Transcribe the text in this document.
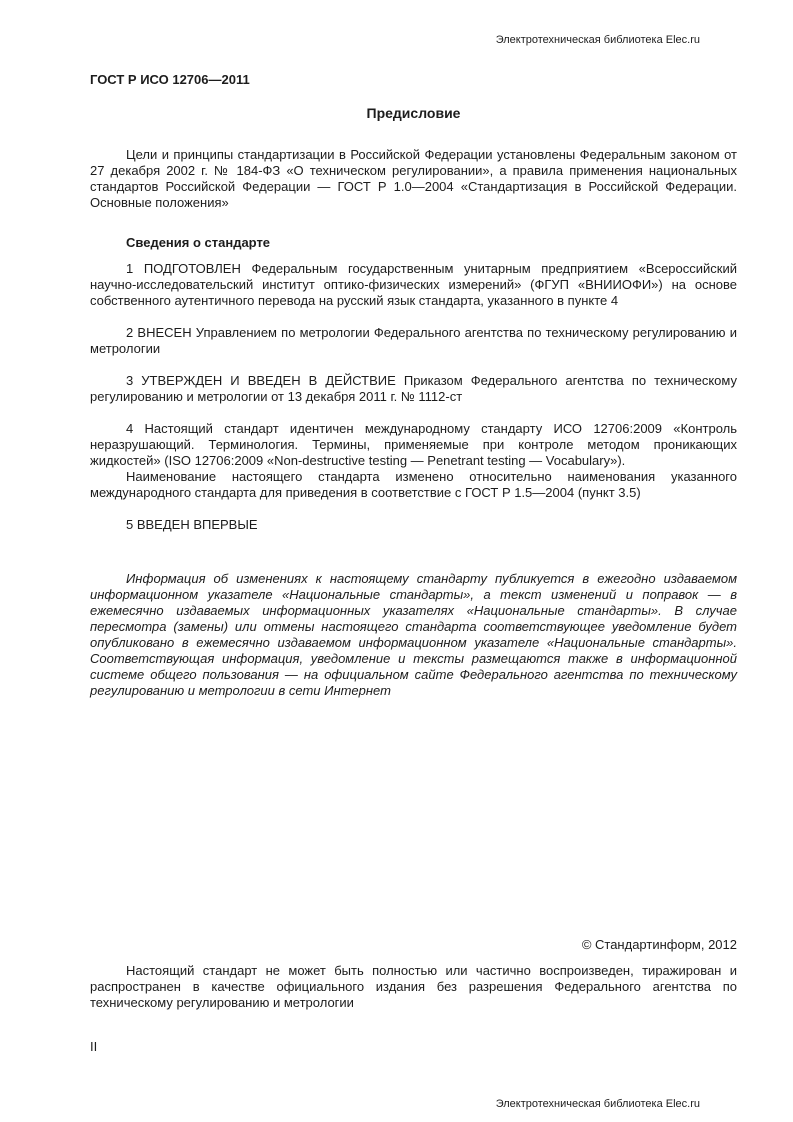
Электротехническая библиотека Elec.ru
ГОСТ Р ИСО 12706—2011
Предисловие

Цели и принципы стандартизации в Российской Федерации установлены Федеральным законом от 27 декабря 2002 г. № 184-ФЗ «О техническом регулировании», а правила применения национальных стандартов Российской Федерации — ГОСТ Р 1.0—2004 «Стандартизация в Российской Федерации. Основные положения»

Сведения о стандарте

1 ПОДГОТОВЛЕН Федеральным государственным унитарным предприятием «Всероссийский научно-исследовательский институт оптико-физических измерений» (ФГУП «ВНИИОФИ») на основе собственного аутентичного перевода на русский язык стандарта, указанного в пункте 4

2 ВНЕСЕН Управлением по метрологии Федерального агентства по техническому регулированию и метрологии

3 УТВЕРЖДЕН И ВВЕДЕН В ДЕЙСТВИЕ Приказом Федерального агентства по техническому регулированию и метрологии от 13 декабря 2011 г. № 1112-ст

4 Настоящий стандарт идентичен международному стандарту ИСО 12706:2009 «Контроль неразрушающий. Терминология. Термины, применяемые при контроле методом проникающих жидкостей» (ISO 12706:2009 «Non-destructive testing — Penetrant testing — Vocabulary»).

Наименование настоящего стандарта изменено относительно наименования указанного международного стандарта для приведения в соответствие с ГОСТ Р 1.5—2004 (пункт 3.5)

5 ВВЕДЕН ВПЕРВЫЕ

Информация об изменениях к настоящему стандарту публикуется в ежегодно издаваемом информационном указателе «Национальные стандарты», а текст изменений и поправок — в ежемесячно издаваемых информационных указателях «Национальные стандарты». В случае пересмотра (замены) или отмены настоящего стандарта соответствующее уведомление будет опубликовано в ежемесячно издаваемом информационном указателе «Национальные стандарты». Соответствующая информация, уведомление и тексты размещаются также в информационной системе общего пользования — на официальном сайте Федерального агентства по техническому регулированию и метрологии в сети Интернет

© Стандартинформ, 2012

Настоящий стандарт не может быть полностью или частично воспроизведен, тиражирован и распространен в качестве официального издания без разрешения Федерального агентства по техническому регулированию и метрологии

II
Электротехническая библиотека Elec.ru
